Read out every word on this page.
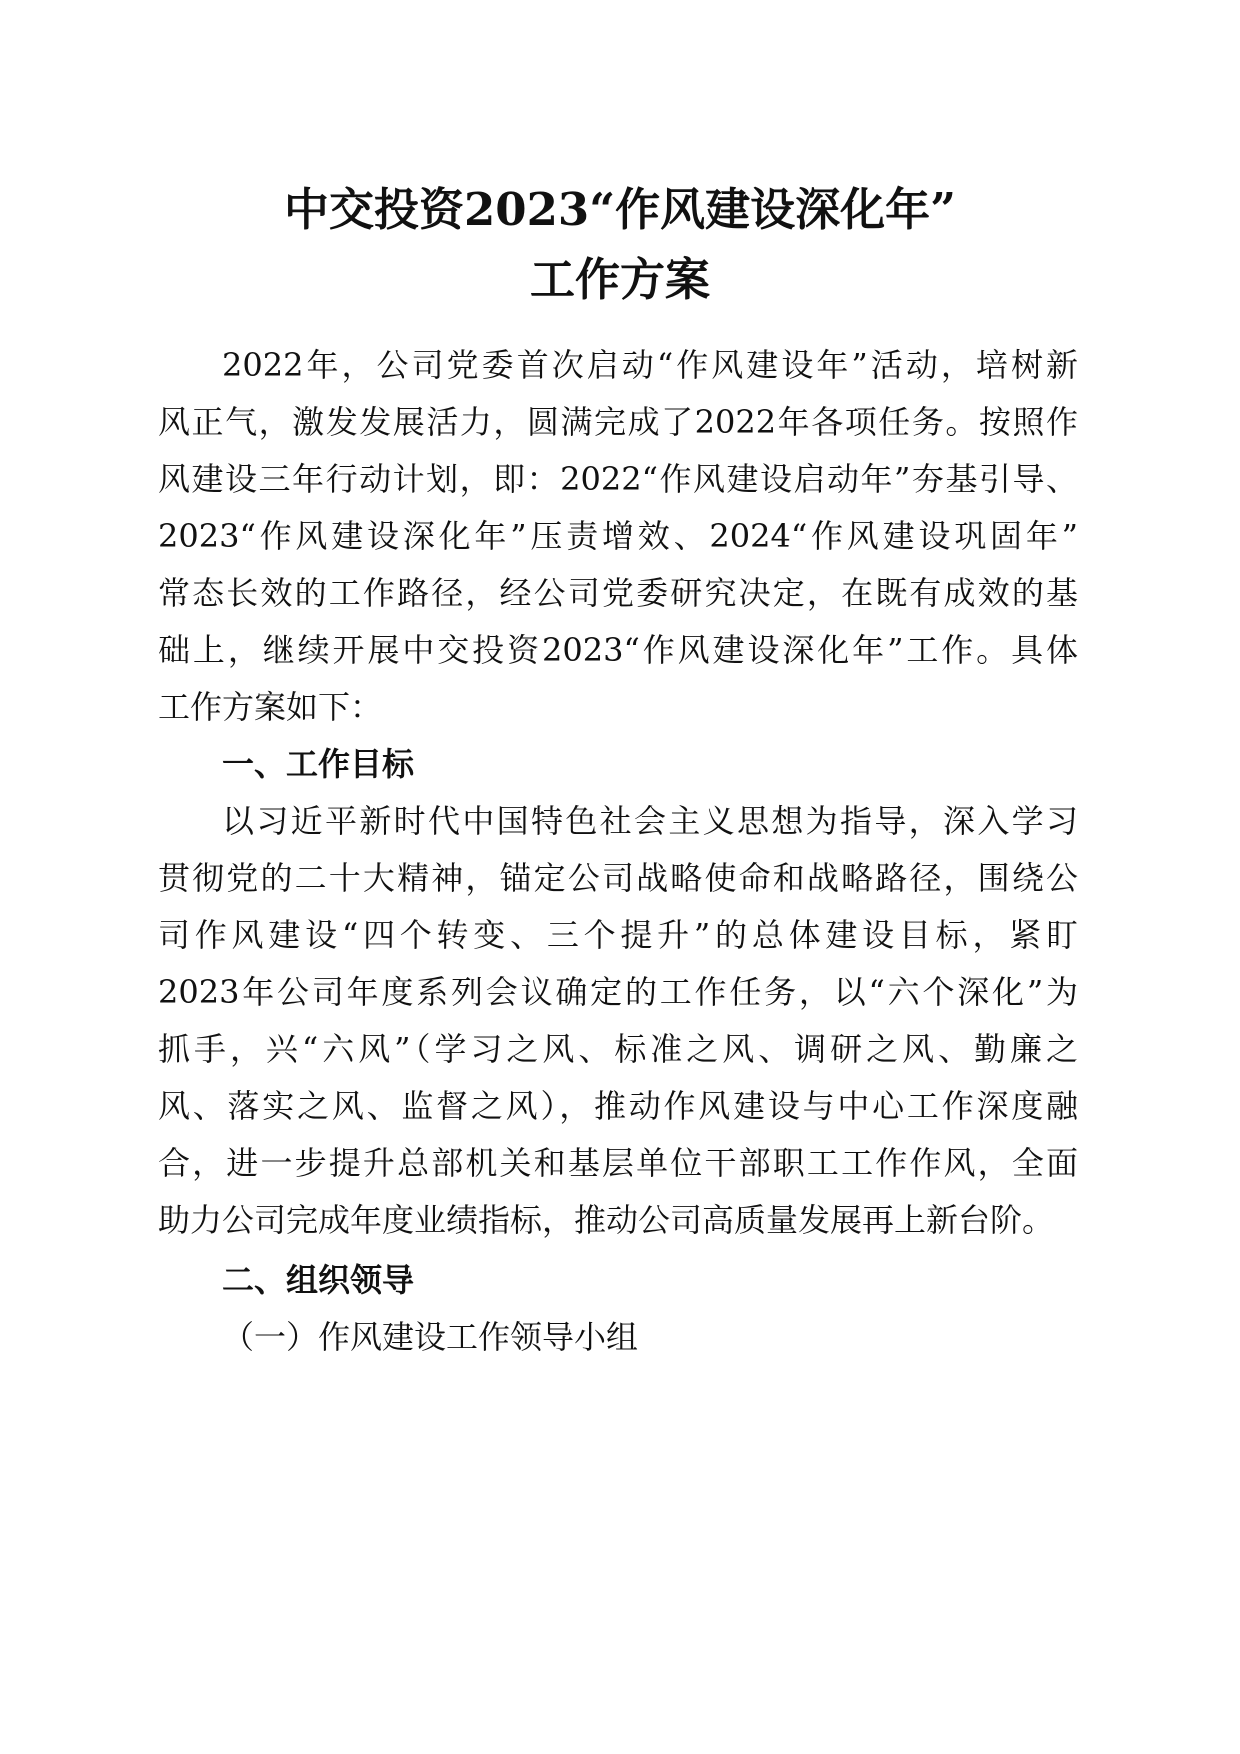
中交投资2023“作风建设深化年”
工作方案
2022年，公司党委首次启动“作风建设年”活动，培树新
风正气，激发发展活力，圆满完成了2022年各项任务。按照作
风建设三年行动计划，即：2022“作风建设启动年”夯基引导、
2023“作风建设深化年”压责增效、2024“作风建设巩固年”
常态长效的工作路径，经公司党委研究决定，在既有成效的基
础上，继续开展中交投资2023“作风建设深化年”工作。具体
工作方案如下：
一、工作目标
以习近平新时代中国特色社会主义思想为指导，深入学习
贯彻党的二十大精神，锚定公司战略使命和战略路径，围绕公
司作风建设“四个转变、三个提升”的总体建设目标，紧盯
2023年公司年度系列会议确定的工作任务，以“六个深化”为
抓手，兴“六风”（学习之风、标准之风、调研之风、勤廉之
风、落实之风、监督之风），推动作风建设与中心工作深度融
合，进一步提升总部机关和基层单位干部职工工作作风，全面
助力公司完成年度业绩指标，推动公司高质量发展再上新台阶。
二、组织领导
（一）作风建设工作领导小组
